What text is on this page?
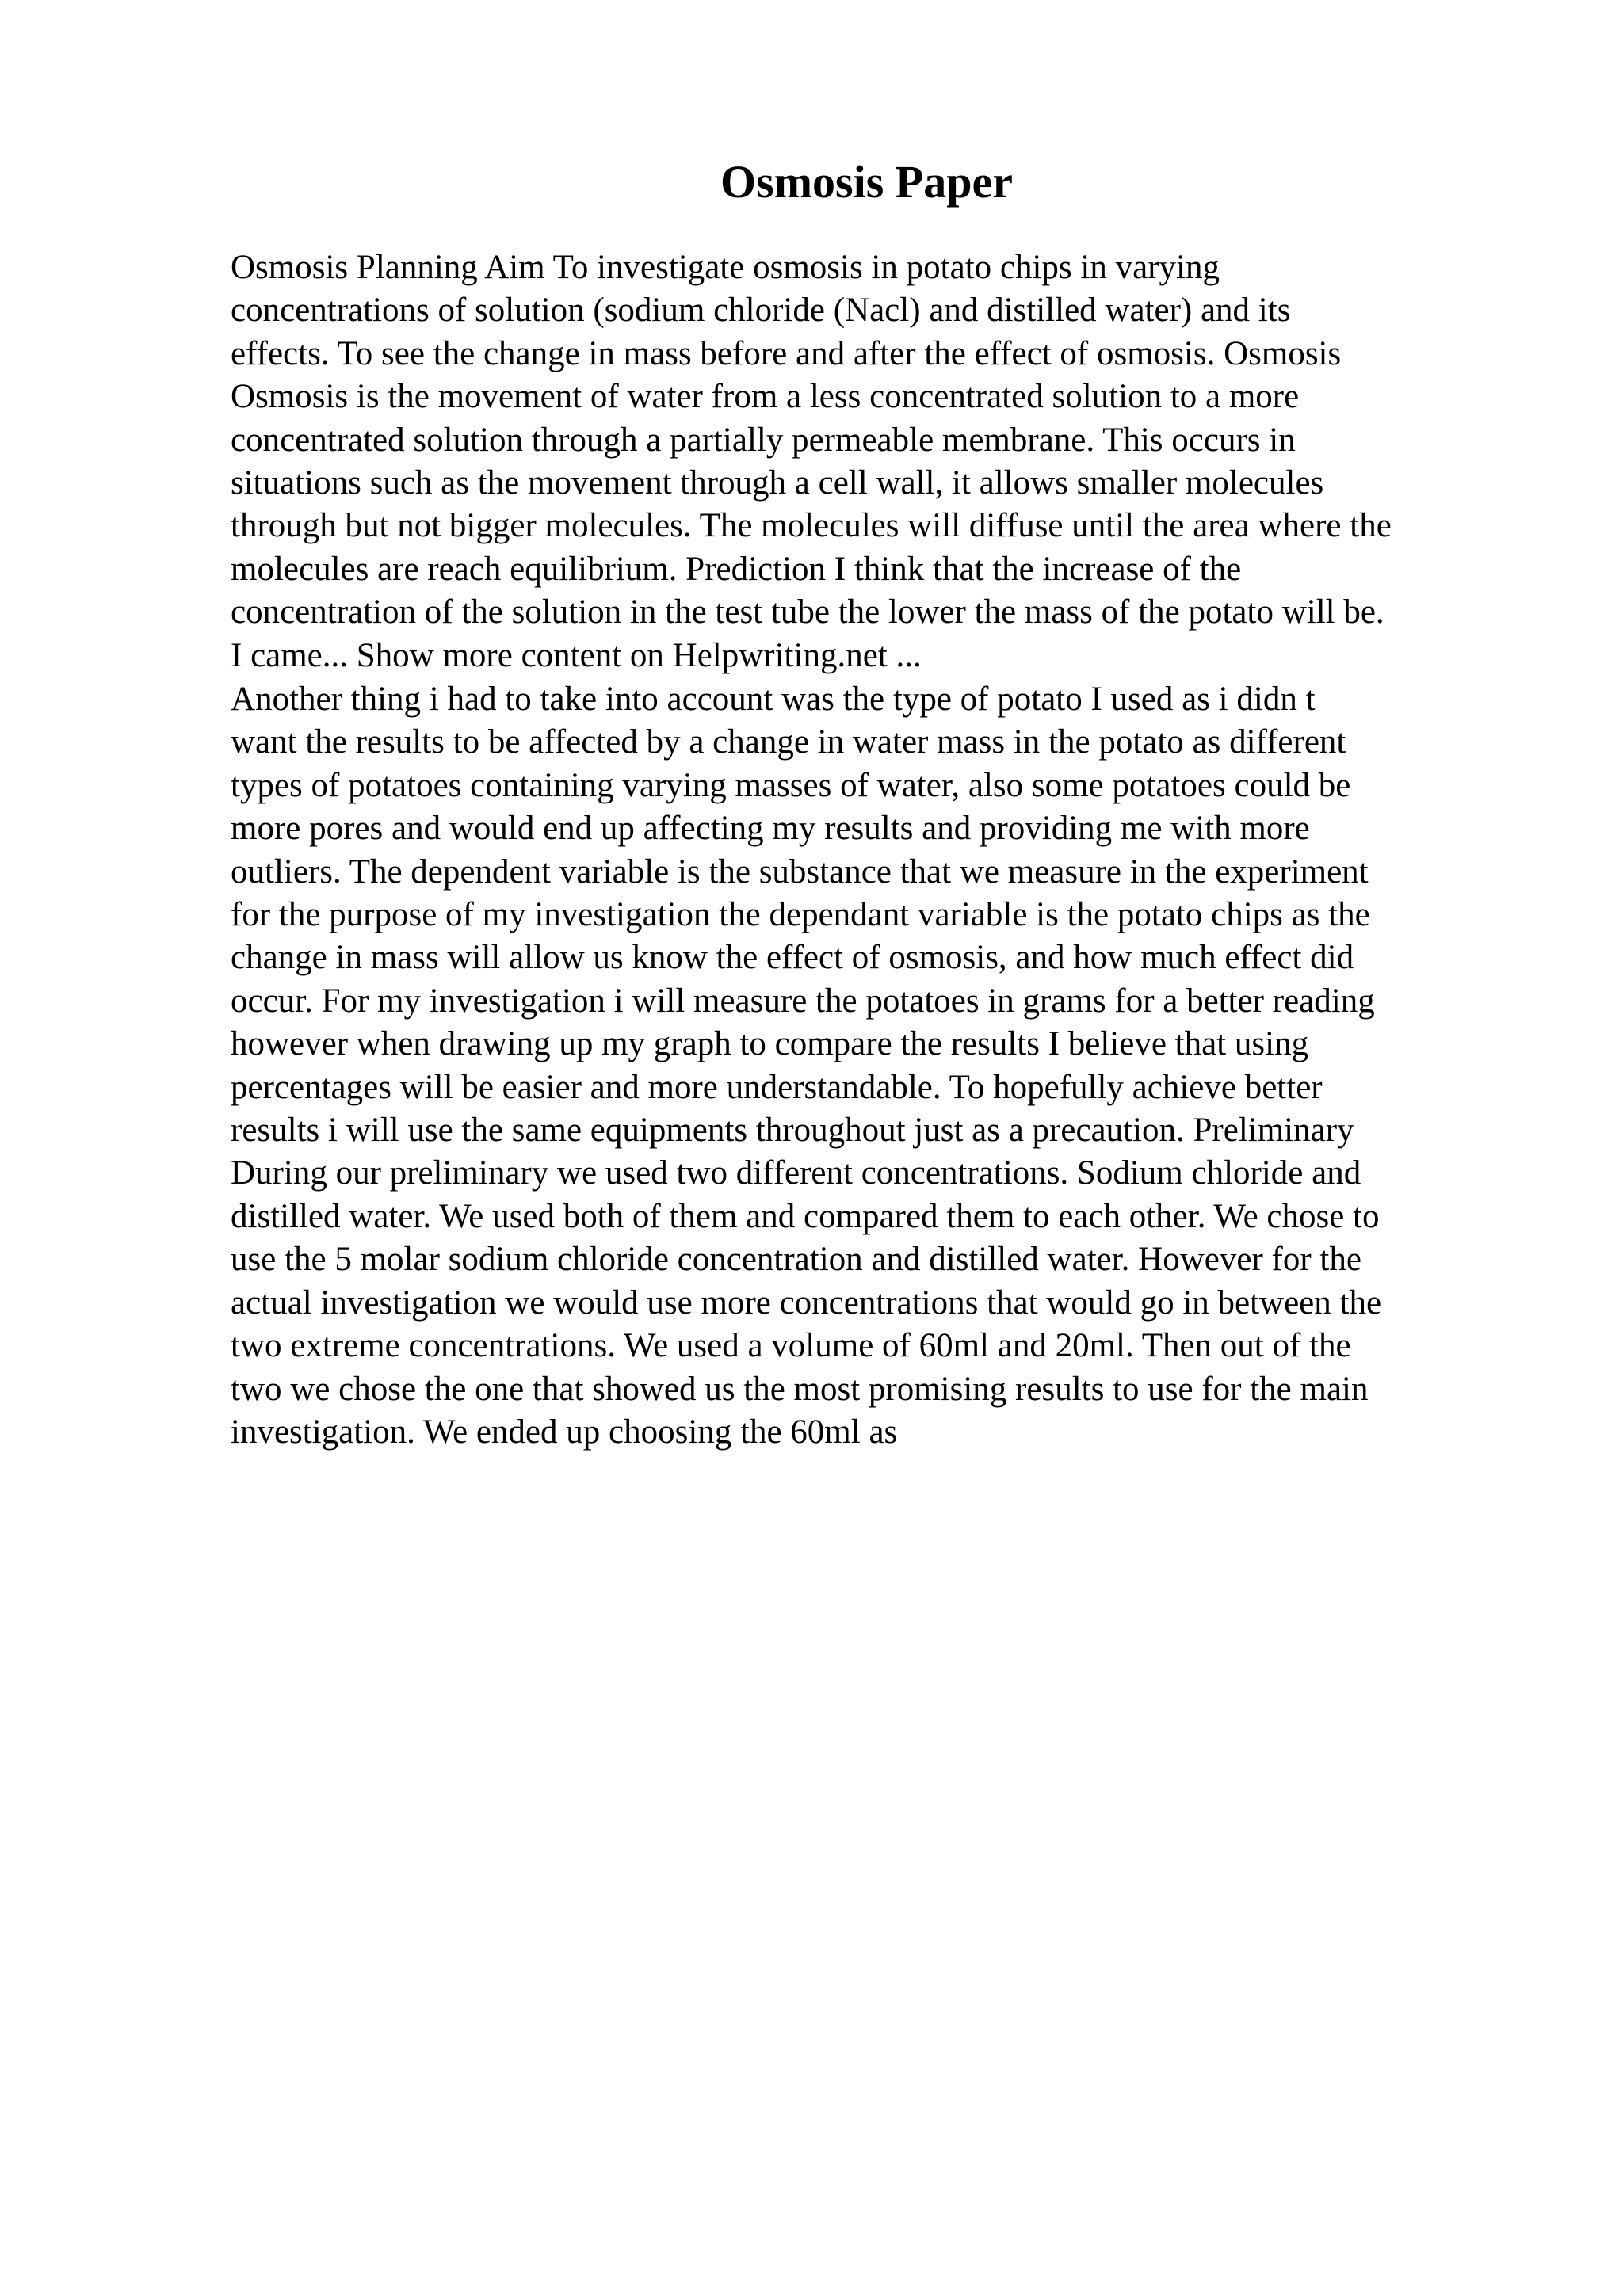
Osmosis Paper
Osmosis Planning Aim To investigate osmosis in potato chips in varying
concentrations of solution (sodium chloride (Nacl) and distilled water) and its
effects. To see the change in mass before and after the effect of osmosis. Osmosis
Osmosis is the movement of water from a less concentrated solution to a more
concentrated solution through a partially permeable membrane. This occurs in
situations such as the movement through a cell wall, it allows smaller molecules
through but not bigger molecules. The molecules will diffuse until the area where the
molecules are reach equilibrium. Prediction I think that the increase of the
concentration of the solution in the test tube the lower the mass of the potato will be.
I came... Show more content on Helpwriting.net ...
Another thing i had to take into account was the type of potato I used as i didn t
want the results to be affected by a change in water mass in the potato as different
types of potatoes containing varying masses of water, also some potatoes could be
more pores and would end up affecting my results and providing me with more
outliers. The dependent variable is the substance that we measure in the experiment
for the purpose of my investigation the dependant variable is the potato chips as the
change in mass will allow us know the effect of osmosis, and how much effect did
occur. For my investigation i will measure the potatoes in grams for a better reading
however when drawing up my graph to compare the results I believe that using
percentages will be easier and more understandable. To hopefully achieve better
results i will use the same equipments throughout just as a precaution. Preliminary
During our preliminary we used two different concentrations. Sodium chloride and
distilled water. We used both of them and compared them to each other. We chose to
use the 5 molar sodium chloride concentration and distilled water. However for the
actual investigation we would use more concentrations that would go in between the
two extreme concentrations. We used a volume of 60ml and 20ml. Then out of the
two we chose the one that showed us the most promising results to use for the main
investigation. We ended up choosing the 60ml as
